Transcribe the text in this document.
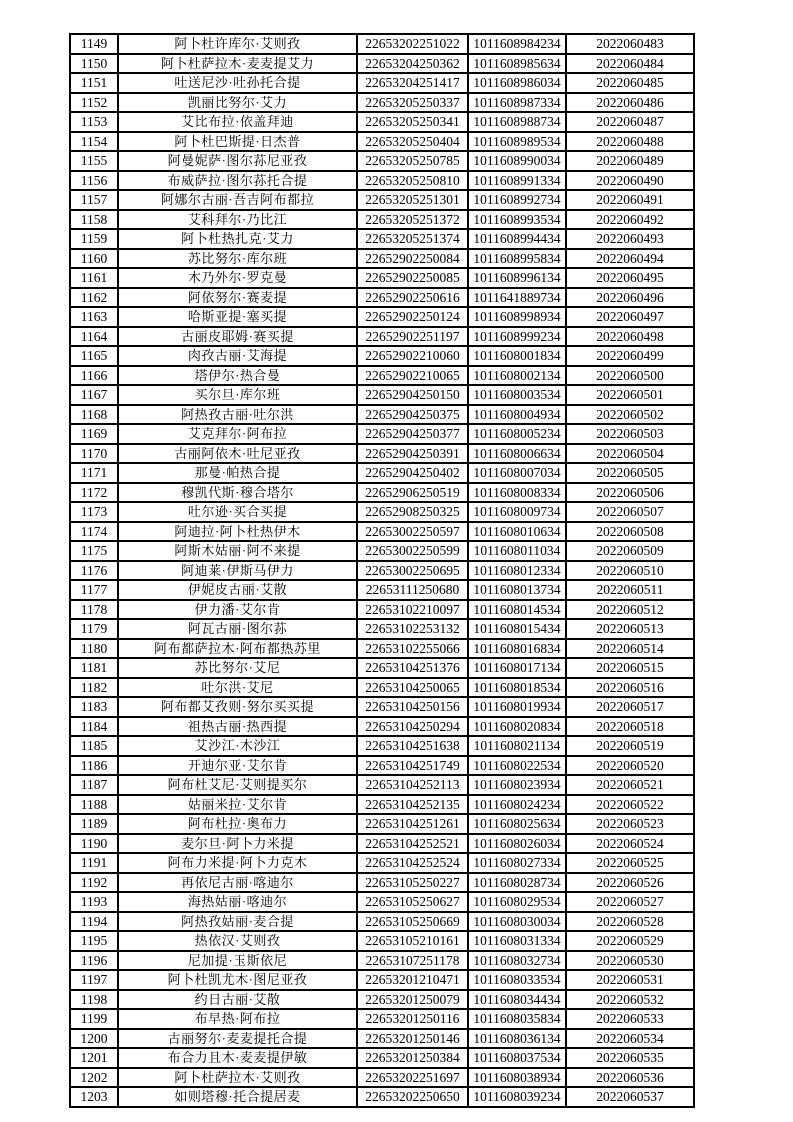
1149	阿卜杜许库尔·艾则孜	22653202251022	1011608984234	2022060483
1150	阿卜杜萨拉木·麦麦提艾力	22653204250362	1011608985634	2022060484
1151	吐送尼沙·吐孙托合提	22653204251417	1011608986034	2022060485
1152	凯丽比努尔·艾力	22653205250337	1011608987334	2022060486
1153	艾比布拉·依盖拜迪	22653205250341	1011608988734	2022060487
1154	阿卜杜巴斯提·日杰普	22653205250404	1011608989534	2022060488
1155	阿曼妮萨·图尔荪尼亚孜	22653205250785	1011608990034	2022060489
1156	布威萨拉·图尔荪托合提	22653205250810	1011608991334	2022060490
1157	阿娜尔古丽·吾吉阿布都拉	22653205251301	1011608992734	2022060491
1158	艾科拜尔·乃比江	22653205251372	1011608993534	2022060492
1159	阿卜杜热扎克·艾力	22653205251374	1011608994434	2022060493
1160	苏比努尔·库尔班	22652902250084	1011608995834	2022060494
1161	木乃外尔·罗克曼	22652902250085	1011608996134	2022060495
1162	阿依努尔·赛麦提	22652902250616	1011641889734	2022060496
1163	哈斯亚提·塞买提	22652902250124	1011608998934	2022060497
1164	古丽皮耶姆·赛买提	22652902251197	1011608999234	2022060498
1165	肉孜古丽·艾海提	22652902210060	1011608001834	2022060499
1166	塔伊尔·热合曼	22652902210065	1011608002134	2022060500
1167	买尔旦·库尔班	22652904250150	1011608003534	2022060501
1168	阿热孜古丽·吐尔洪	22652904250375	1011608004934	2022060502
1169	艾克拜尔·阿布拉	22652904250377	1011608005234	2022060503
1170	古丽阿依木·吐尼亚孜	22652904250391	1011608006634	2022060504
1171	那曼·帕热合提	22652904250402	1011608007034	2022060505
1172	穆凯代斯·穆合塔尔	22652906250519	1011608008334	2022060506
1173	吐尔逊·买合买提	22652908250325	1011608009734	2022060507
1174	阿迪拉·阿卜杜热伊木	22653002250597	1011608010634	2022060508
1175	阿斯木姑丽·阿不来提	22653002250599	1011608011034	2022060509
1176	阿迪莱·伊斯马伊力	22653002250695	1011608012334	2022060510
1177	伊妮皮古丽·艾散	22653111250680	1011608013734	2022060511
1178	伊力潘·艾尔肯	22653102210097	1011608014534	2022060512
1179	阿瓦古丽·图尔荪	22653102253132	1011608015434	2022060513
1180	阿布都萨拉木·阿布都热苏里	22653102255066	1011608016834	2022060514
1181	苏比努尔·艾尼	22653104251376	1011608017134	2022060515
1182	吐尔洪·艾尼	22653104250065	1011608018534	2022060516
1183	阿布都艾孜则·努尔买买提	22653104250156	1011608019934	2022060517
1184	祖热古丽·热西提	22653104250294	1011608020834	2022060518
1185	艾沙江·木沙江	22653104251638	1011608021134	2022060519
1186	开迪尔亚·艾尔肯	22653104251749	1011608022534	2022060520
1187	阿布杜艾尼·艾则提买尔	22653104252113	1011608023934	2022060521
1188	姑丽米拉·艾尔肯	22653104252135	1011608024234	2022060522
1189	阿布杜拉·奥布力	22653104251261	1011608025634	2022060523
1190	麦尔旦·阿卜力米提	22653104252521	1011608026034	2022060524
1191	阿布力米提·阿卜力克木	22653104252524	1011608027334	2022060525
1192	再依尼古丽·喀迪尔	22653105250227	1011608028734	2022060526
1193	海热姑丽·喀迪尔	22653105250627	1011608029534	2022060527
1194	阿热孜姑丽·麦合提	22653105250669	1011608030034	2022060528
1195	热依汉·艾则孜	22653105210161	1011608031334	2022060529
1196	尼加提·玉斯依尼	22653107251178	1011608032734	2022060530
1197	阿卜杜凯尤木·图尼亚孜	22653201210471	1011608033534	2022060531
1198	约日古丽·艾散	22653201250079	1011608034434	2022060532
1199	布早热·阿布拉	22653201250116	1011608035834	2022060533
1200	古丽努尔·麦麦提托合提	22653201250146	1011608036134	2022060534
1201	布合力且木·麦麦提伊敏	22653201250384	1011608037534	2022060535
1202	阿卜杜萨拉木·艾则孜	22653202251697	1011608038934	2022060536
1203	如则塔穆·托合提居麦	22653202250650	1011608039234	2022060537
